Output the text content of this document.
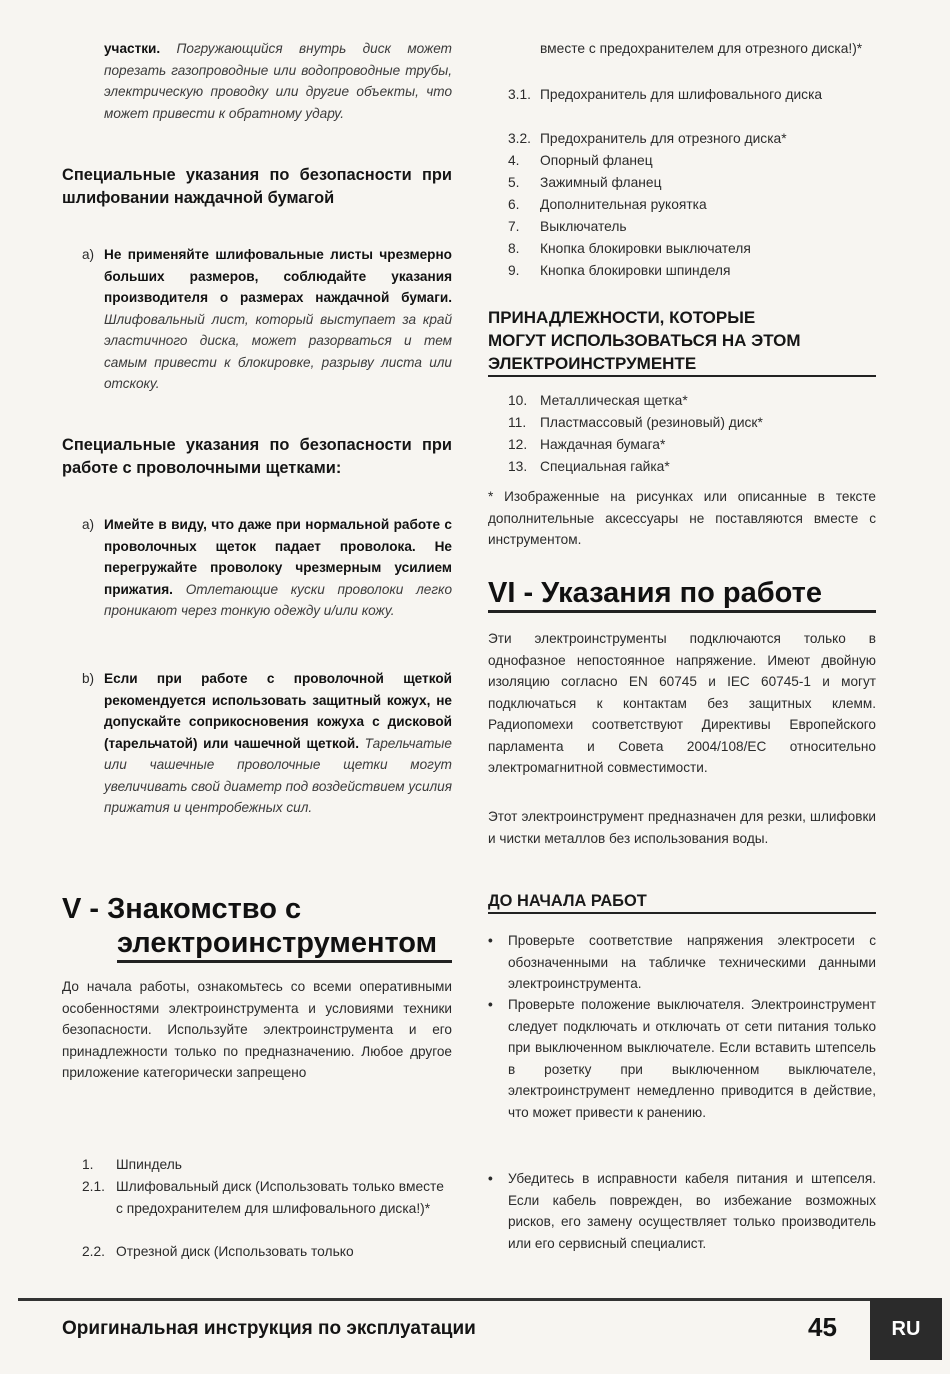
участки. Погружающийся внутрь диск может порезать газопроводные или водопроводные трубы, электрическую проводку или другие объекты, что может привести к обратному удару.

Специальные указания по безопасности при шлифовании наждачной бумагой
a) Не применяйте шлифовальные листы чрезмерно больших размеров, соблюдайте указания производителя о размерах наждачной бумаги. Шлифовальный лист, который выступает за край эластичного диска, может разорваться и тем самым привести к блокировке, разрыву листа или отскоку.

Специальные указания по безопасности при работе с проволочными щетками:
a) Имейте в виду, что даже при нормальной работе с проволочных щеток падает проволока. Не перегружайте проволоку чрезмерным усилием прижатия. Отлетающие куски проволоки легко проникают через тонкую одежду и/или кожу.

b) Если при работе с проволочной щеткой рекомендуется использовать защитный кожух, не допускайте соприкосновения кожуха с дисковой (тарельчатой) или чашечной щеткой. Тарельчатые или чашечные проволочные щетки могут увеличивать свой диаметр под воздействием усилия прижатия и центробежных сил.

V - Знакомство с
электроинструментом

До начала работы, ознакомьтесь со всеми оперативными особенностями электроинструмента и условиями техники безопасности. Используйте электроинструмента и его принадлежности только по предназначению. Любое другое приложение категорически запрещено

1. Шпиндель
2.1. Шлифовальный диск (Использовать только вместе с предохранителем для шлифовального диска!)*
2.2. Отрезной диск (Использовать только
вместе с предохранителем для отрезного диска!)*
3.1. Предохранитель для шлифовального диска
3.2. Предохранитель для отрезного диска*
4. Опорный фланец
5. Зажимный фланец
6. Дополнительная рукоятка
7. Выключатель
8. Кнопка блокировки выключателя
9. Кнопка блокировки шпинделя
ПРИНАДЛЕЖНОСТИ, КОТОРЫЕ
МОГУТ ИСПОЛЬЗОВАТЬСЯ НА ЭТОМ
ЭЛЕКТРОИНСТРУМЕНТЕ
10. Металлическая щетка*
11. Пластмассовый (резиновый) диск*
12. Наждачная бумага*
13. Специальная гайка*

* Изображенные на рисунках или описанные в тексте дополнительные аксессуары не поставляются вместе с инструментом.

VI - Указания по работе

Эти электроинструменты подключаются только в однофазное непостоянное напряжение. Имеют двойную изоляцию согласно EN 60745 и IEC 60745-1 и могут подключаться к контактам без защитных клемм. Радиопомехи соответствуют Директивы Европейского парламента и Совета 2004/108/EC относительно электромагнитной совместимости.

Этот электроинструмент предназначен для резки, шлифовки и чистки металлов без использования воды.

ДО НАЧАЛА РАБОТ
• Проверьте соответствие напряжения электросети с обозначенными на табличке техническими данными электроинструмента.
• Проверьте положение выключателя. Электроинструмент следует подключать и отключать от сети питания только при выключенном выключателе. Если вставить штепсель в розетку при выключенном выключателе, электроинструмент немедленно приводится в действие, что может привести к ранению.
• Убедитесь в исправности кабеля питания и штепселя. Если кабель поврежден, во избежание возможных рисков, его замену осуществляет только производитель или его сервисный специалист.
Оригинальная инструкция по эксплуатации	45	RU
